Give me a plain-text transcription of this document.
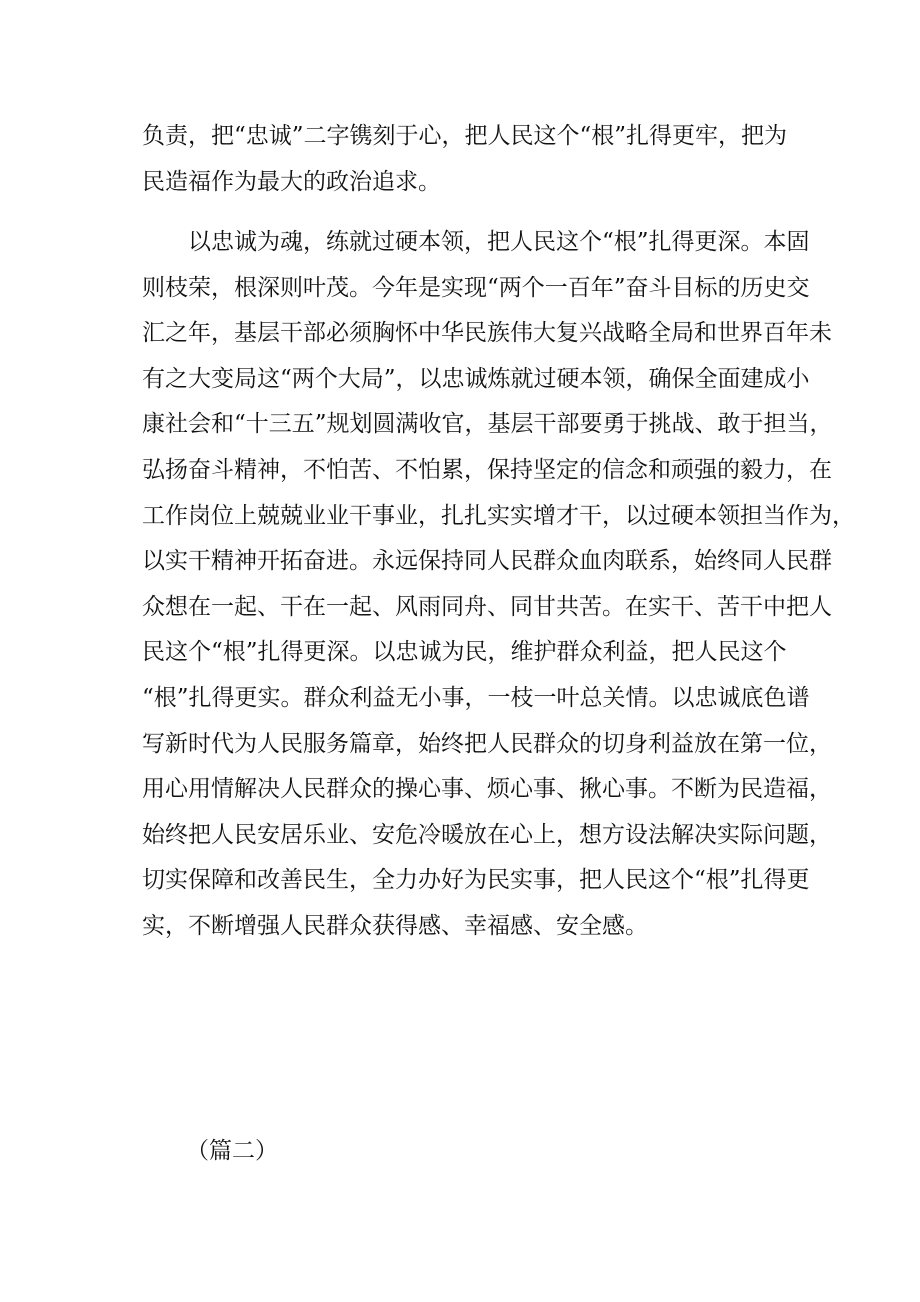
负责，把“忠诚”二字镌刻于心，把人民这个“根”扎得更牢，把为
民造福作为最大的政治追求。
　　以忠诚为魂，练就过硬本领，把人民这个“根”扎得更深。本固
则枝荣，根深则叶茂。今年是实现“两个一百年”奋斗目标的历史交
汇之年，基层干部必须胸怀中华民族伟大复兴战略全局和世界百年未
有之大变局这“两个大局”，以忠诚炼就过硬本领，确保全面建成小
康社会和“十三五”规划圆满收官，基层干部要勇于挑战、敢于担当，
弘扬奋斗精神，不怕苦、不怕累，保持坚定的信念和顽强的毅力，在
工作岗位上兢兢业业干事业，扎扎实实增才干，以过硬本领担当作为，
以实干精神开拓奋进。永远保持同人民群众血肉联系，始终同人民群
众想在一起、干在一起、风雨同舟、同甘共苦。在实干、苦干中把人
民这个“根”扎得更深。以忠诚为民，维护群众利益，把人民这个
“根”扎得更实。群众利益无小事，一枝一叶总关情。以忠诚底色谱
写新时代为人民服务篇章，始终把人民群众的切身利益放在第一位，
用心用情解决人民群众的操心事、烦心事、揪心事。不断为民造福，
始终把人民安居乐业、安危冷暖放在心上，想方设法解决实际问题，
切实保障和改善民生，全力办好为民实事，把人民这个“根”扎得更
实，不断增强人民群众获得感、幸福感、安全感。
（篇二）
